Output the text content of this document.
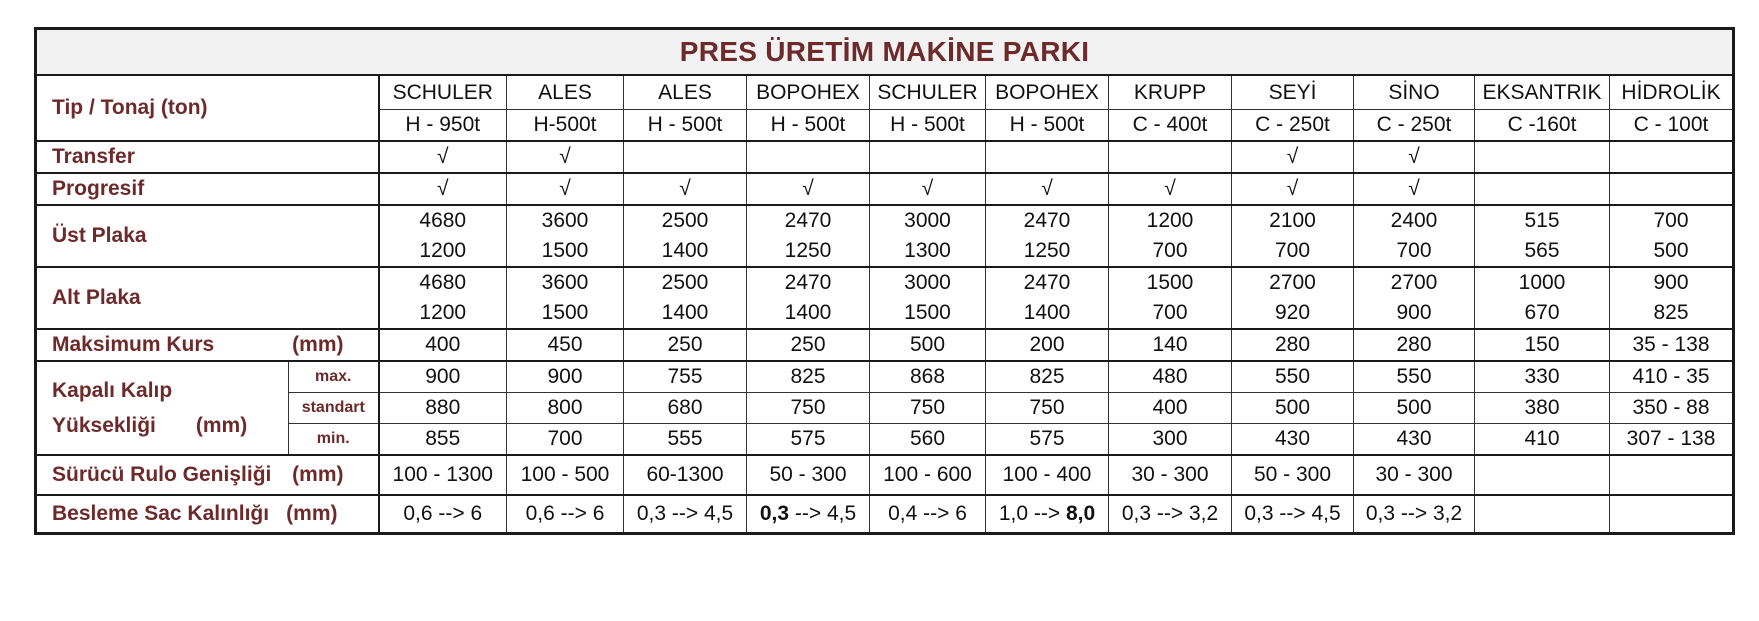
PRES ÜRETİM MAKİNE PARKI												
Tip / Tonaj (ton)		SCHULER	ALES	ALES	BOPOHEX	SCHULER	BOPOHEX	KRUPP	SEYİ	SİNO	EKSANTRIK	HİDROLİK
		H - 950t	H-500t	H - 500t	H - 500t	H - 500t	H - 500t	C - 400t	C - 250t	C - 250t	C -160t	C - 100t
Transfer		√	√						√	√		
Progresif		√	√	√	√	√	√	√	√	√		
Üst Plaka		4680	3600	2500	2470	3000	2470	1200	2100	2400	515	700
		1200	1500	1400	1250	1300	1250	700	700	700	565	500
Alt Plaka		4680	3600	2500	2470	3000	2470	1500	2700	2700	1000	900
		1200	1500	1400	1400	1500	1400	700	920	900	670	825
Maksimum Kurs (mm)		400	450	250	250	500	200	140	280	280	150	35 - 138

Kapalı Kalıp
Yüksekliği (mm)	max.	900	900	755	825	868	825	480	550	550	330	410 - 35
	standart	880	800	680	750	750	750	400	500	500	380	350 - 88
	min.	855	700	555	575	560	575	300	430	430	410	307 - 138
Sürücü Rulo Genişliği (mm)		100 - 1300	100 - 500	60-1300	50 - 300	100 - 600	100 - 400	30 - 300	50 - 300	30 - 300		
Besleme Sac Kalınlığı (mm)		0,6 --> 6	0,6 --> 6	0,3 --> 4,5	0,3 --> 4,5	0,4 --> 6	1,0 --> 8,0	0,3 --> 3,2	0,3 --> 4,5	0,3 --> 3,2		
